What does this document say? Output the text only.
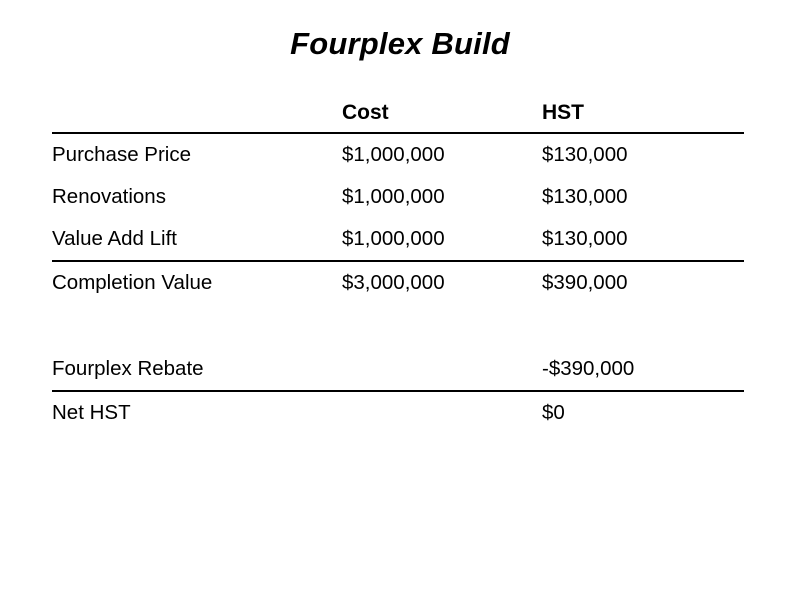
Fourplex Build
	Cost	HST
Purchase Price	$1,000,000	$130,000
Renovations	$1,000,000	$130,000
Value Add Lift	$1,000,000	$130,000
Completion Value	$3,000,000	$390,000

Fourplex Rebate		-$390,000
Net HST		$0
